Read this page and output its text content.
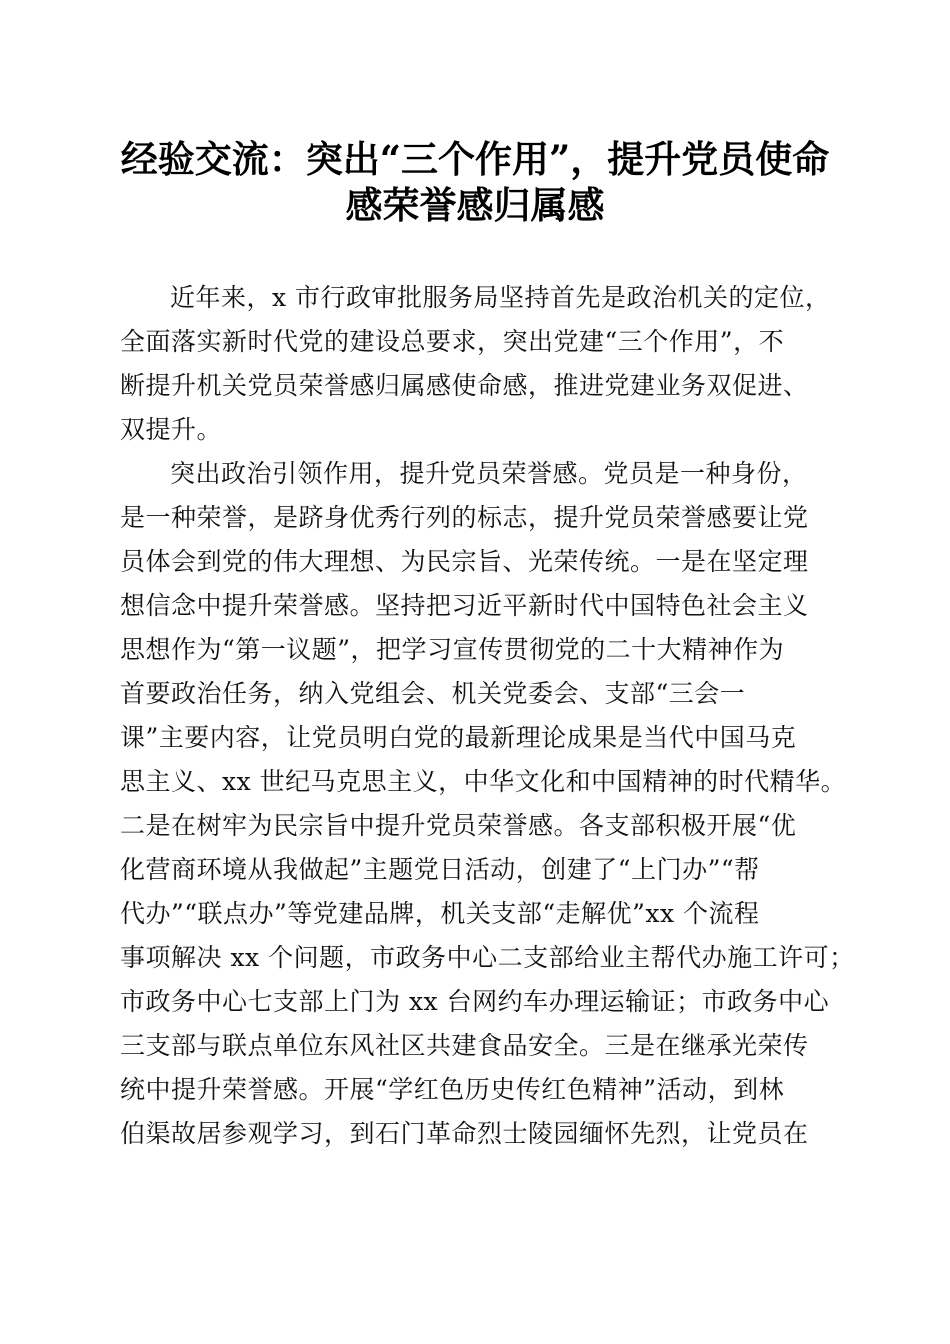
经验交流：突出“三个作用”，提升党员使命
感荣誉感归属感
近年来，x 市行政审批服务局坚持首先是政治机关的定位，
全面落实新时代党的建设总要求，突出党建“三个作用”，不
断提升机关党员荣誉感归属感使命感，推进党建业务双促进、
双提升。
突出政治引领作用，提升党员荣誉感。党员是一种身份，
是一种荣誉，是跻身优秀行列的标志，提升党员荣誉感要让党
员体会到党的伟大理想、为民宗旨、光荣传统。一是在坚定理
想信念中提升荣誉感。坚持把习近平新时代中国特色社会主义
思想作为“第一议题”，把学习宣传贯彻党的二十大精神作为
首要政治任务，纳入党组会、机关党委会、支部“三会一
课”主要内容，让党员明白党的最新理论成果是当代中国马克
思主义、xx 世纪马克思主义，中华文化和中国精神的时代精华。
二是在树牢为民宗旨中提升党员荣誉感。各支部积极开展“优
化营商环境从我做起”主题党日活动，创建了“上门办”“帮
代办”“联点办”等党建品牌，机关支部“走解优”xx 个流程
事项解决 xx 个问题，市政务中心二支部给业主帮代办施工许可；
市政务中心七支部上门为 xx 台网约车办理运输证；市政务中心
三支部与联点单位东风社区共建食品安全。三是在继承光荣传
统中提升荣誉感。开展“学红色历史传红色精神”活动，到林
伯渠故居参观学习，到石门革命烈士陵园缅怀先烈，让党员在
